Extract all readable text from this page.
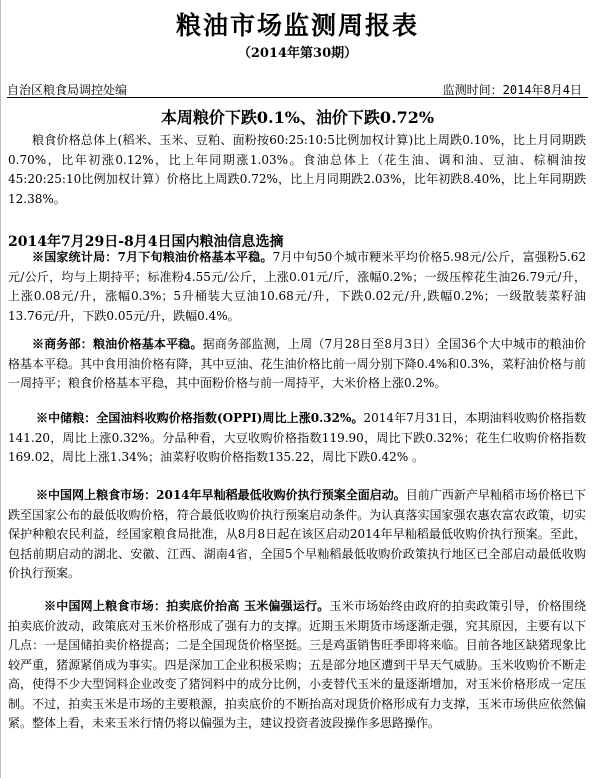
粮油市场监测周报表
（2014年第30期）
自治区粮食局调控处编	监测时间：2014年8月4日
本周粮价下跌0.1%、油价下跌0.72%
粮食价格总体上(稻米、玉米、豆粕、面粉按60:25:10:5比例加权计算)比上周跌0.10%，比上月同期跌0.70%，比年初涨0.12%，比上年同期涨1.03%。食油总体上（花生油、调和油、豆油、棕榈油按45:20:25:10比例加权计算）价格比上周跌0.72%，比上月同期跌2.03%，比年初跌8.40%，比上年同期跌12.38%。
2014年7月29日-8月4日国内粮油信息选摘
※国家统计局：7月下旬粮油价格基本平稳。7月中旬50个城市粳米平均价格5.98元/公斤，富强粉5.62元/公斤，均与上期持平；标准粉4.55元/公斤，上涨0.01元/斤，涨幅0.2%；一级压榨花生油26.79元/升，上涨0.08元/升，涨幅0.3%；5升桶装大豆油10.68元/升，下跌0.02元/升,跌幅0.2%；一级散装菜籽油13.76元/升，下跌0.05元/升，跌幅0.4%。
※商务部：粮油价格基本平稳。据商务部监测，上周（7月28日至8月3日）全国36个大中城市的粮油价格基本平稳。其中食用油价格有降，其中豆油、花生油价格比前一周分别下降0.4%和0.3%，菜籽油价格与前一周持平；粮食价格基本平稳，其中面粉价格与前一周持平，大米价格上涨0.2%。
※中储粮：全国油料收购价格指数(OPPI)周比上涨0.32%。2014年7月31日，本期油料收购价格指数141.20，周比上涨0.32%。分品种看，大豆收购价格指数119.90，周比下跌0.32%；花生仁收购价格指数169.02，周比上涨1.34%；油菜籽收购价格指数135.22，周比下跌0.42% 。
※中国网上粮食市场：2014年早籼稻最低收购价执行预案全面启动。目前广西新产早籼稻市场价格已下跌至国家公布的最低收购价格，符合最低收购价执行预案启动条件。为认真落实国家强农惠农富农政策，切实保护种粮农民利益，经国家粮食局批准，从8月8日起在该区启动2014年早籼稻最低收购价执行预案。至此，包括前期启动的湖北、安徽、江西、湖南4省，全国5个早籼稻最低收购价政策执行地区已全部启动最低收购价执行预案。
※中国网上粮食市场：拍卖底价抬高 玉米偏强运行。玉米市场始终由政府的拍卖政策引导，价格围绕拍卖底价波动，政策底对玉米价格形成了强有力的支撑。近期玉米期货市场逐渐走强，究其原因，主要有以下几点：一是国储拍卖价格提高；二是全国现货价格坚挺。三是鸡蛋销售旺季即将来临。目前各地区缺猪现象比较严重，猪源紧俏成为事实。四是深加工企业积极采购；五是部分地区遭到干旱天气威胁。玉米收购价不断走高，使得不少大型饲料企业改变了猪饲料中的成分比例，小麦替代玉米的量逐渐增加，对玉米价格形成一定压制。不过，拍卖玉米是市场的主要粮源，拍卖底价的不断抬高对现货价格形成有力支撑，玉米市场供应依然偏紧。整体上看，未来玉米行情仍将以偏强为主，建议投资者波段操作多思路操作。
